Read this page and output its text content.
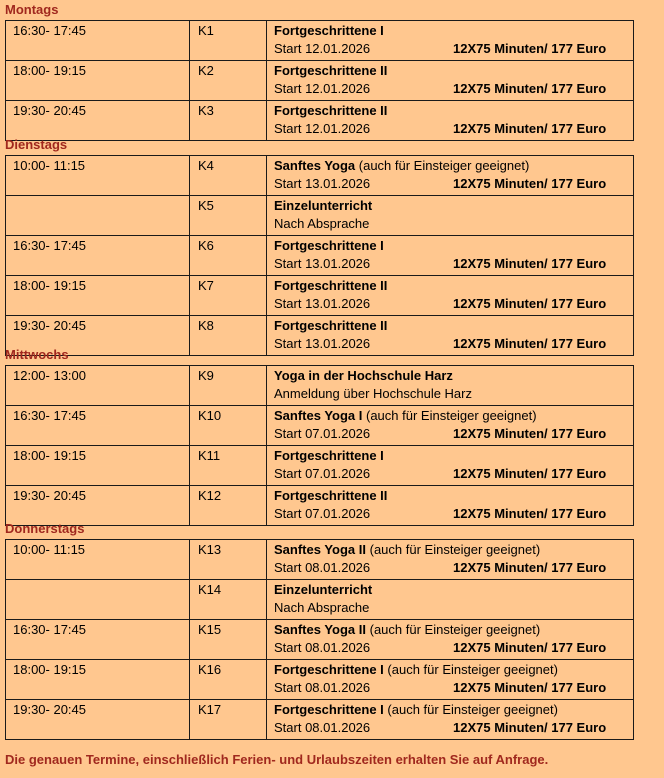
Montags
16:30- 17:45	K1	Fortgeschrittene I
Start 12.01.2026 12X75 Minuten/ 177 Euro

18:00- 19:15	K2	Fortgeschrittene II
Start 12.01.2026 12X75 Minuten/ 177 Euro

19:30- 20:45	K3	Fortgeschrittene II
Start 12.01.2026 12X75 Minuten/ 177 Euro
Dienstags
10:00- 11:15	K4	Sanftes Yoga (auch für Einsteiger geeignet)
Start 13.01.2026 12X75 Minuten/ 177 Euro

	K5	Einzelunterricht
Nach Absprache

16:30- 17:45	K6	Fortgeschrittene I
Start 13.01.2026 12X75 Minuten/ 177 Euro

18:00- 19:15	K7	Fortgeschrittene II
Start 13.01.2026 12X75 Minuten/ 177 Euro

19:30- 20:45	K8	Fortgeschrittene II
Start 13.01.2026 12X75 Minuten/ 177 Euro
Mittwochs
12:00- 13:00	K9	Yoga in der Hochschule Harz
Anmeldung über Hochschule Harz

16:30- 17:45	K10	Sanftes Yoga I (auch für Einsteiger geeignet)
Start 07.01.2026 12X75 Minuten/ 177 Euro

18:00- 19:15	K11	Fortgeschrittene I
Start 07.01.2026 12X75 Minuten/ 177 Euro

19:30- 20:45	K12	Fortgeschrittene II
Start 07.01.2026 12X75 Minuten/ 177 Euro
Donnerstags
10:00- 11:15	K13	Sanftes Yoga II (auch für Einsteiger geeignet)
Start 08.01.2026 12X75 Minuten/ 177 Euro

	K14	Einzelunterricht
Nach Absprache

16:30- 17:45	K15	Sanftes Yoga II (auch für Einsteiger geeignet)
Start 08.01.2026 12X75 Minuten/ 177 Euro

18:00- 19:15	K16	Fortgeschrittene I (auch für Einsteiger geeignet)
Start 08.01.2026 12X75 Minuten/ 177 Euro

19:30- 20:45	K17	Fortgeschrittene I (auch für Einsteiger geeignet)
Start 08.01.2026 12X75 Minuten/ 177 Euro
Die genauen Termine, einschließlich Ferien- und Urlaubszeiten erhalten Sie auf Anfrage.
